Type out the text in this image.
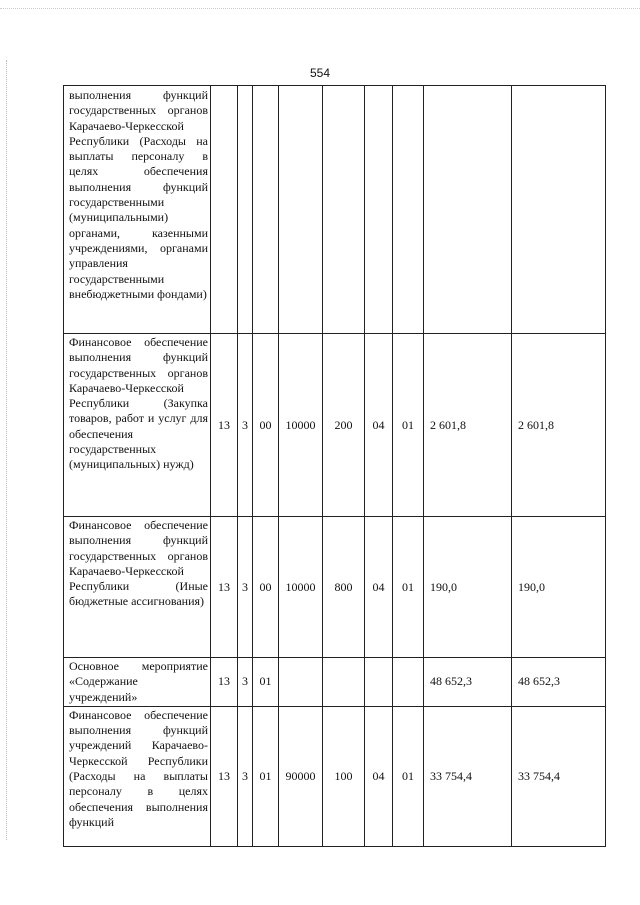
554
выполнения функций государственных органов Карачаево-Черкесской Республики (Расходы на выплаты персоналу в целях обеспечения выполнения функций государственными (муниципальными) органами, казенными учреждениями, органами управления государственными внебюджетными фондами)									
Финансовое обеспечение выполнения функций государственных органов Карачаево-Черкесской Республики (Закупка товаров, работ и услуг для обеспечения государственных (муниципальных) нужд)	13	3	00	10000	200	04	01	2 601,8	2 601,8
Финансовое обеспечение выполнения функций государственных органов Карачаево-Черкесской Республики (Иные бюджетные ассигнования)	13	3	00	10000	800	04	01	190,0	190,0
Основное мероприятие «Содержание учреждений»	13	3	01					48 652,3	48 652,3
Финансовое обеспечение выполнения функций учреждений Карачаево-Черкесской Республики (Расходы на выплаты персоналу в целях обеспечения выполнения функций	13	3	01	90000	100	04	01	33 754,4	33 754,4
